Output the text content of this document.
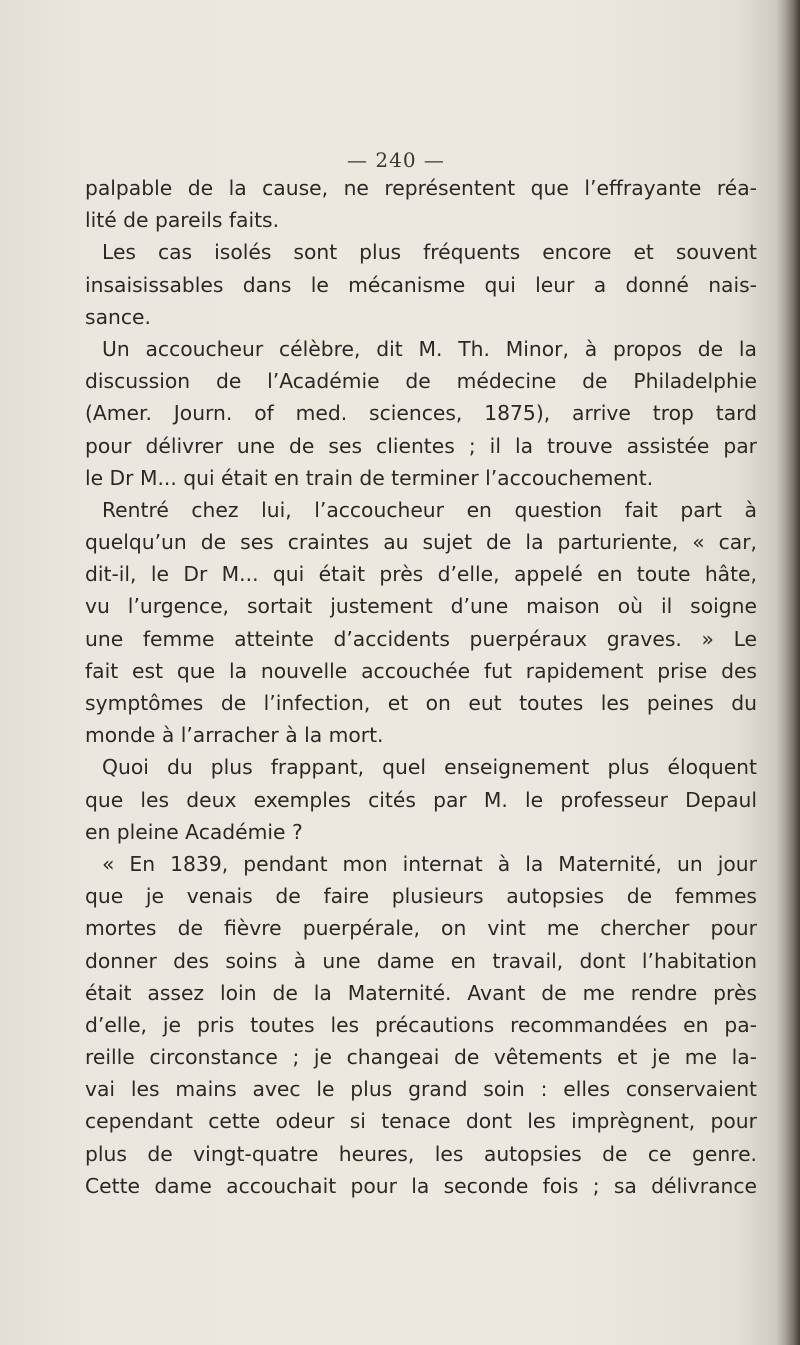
— 240 —
palpable de la cause, ne représentent que l’effrayante réa-
lité de pareils faits.
Les cas isolés sont plus fréquents encore et souvent
insaisissables dans le mécanisme qui leur a donné nais-
sance.
Un accoucheur célèbre, dit M. Th. Minor, à propos de la
discussion de l’Académie de médecine de Philadelphie
(Amer. Journ. of med. sciences, 1875), arrive trop tard
pour délivrer une de ses clientes ; il la trouve assistée par
le Dr M... qui était en train de terminer l’accouchement.
Rentré chez lui, l’accoucheur en question fait part à
quelqu’un de ses craintes au sujet de la parturiente, « car,
dit-il, le Dr M... qui était près d’elle, appelé en toute hâte,
vu l’urgence, sortait justement d’une maison où il soigne
une femme atteinte d’accidents puerpéraux graves. » Le
fait est que la nouvelle accouchée fut rapidement prise des
symptômes de l’infection, et on eut toutes les peines du
monde à l’arracher à la mort.
Quoi du plus frappant, quel enseignement plus éloquent
que les deux exemples cités par M. le professeur Depaul
en pleine Académie ?
« En 1839, pendant mon internat à la Maternité, un jour
que je venais de faire plusieurs autopsies de femmes
mortes de fièvre puerpérale, on vint me chercher pour
donner des soins à une dame en travail, dont l’habitation
était assez loin de la Maternité. Avant de me rendre près
d’elle, je pris toutes les précautions recommandées en pa-
reille circonstance ; je changeai de vêtements et je me la-
vai les mains avec le plus grand soin : elles conservaient
cependant cette odeur si tenace dont les imprègnent, pour
plus de vingt-quatre heures, les autopsies de ce genre.
Cette dame accouchait pour la seconde fois ; sa délivrance
